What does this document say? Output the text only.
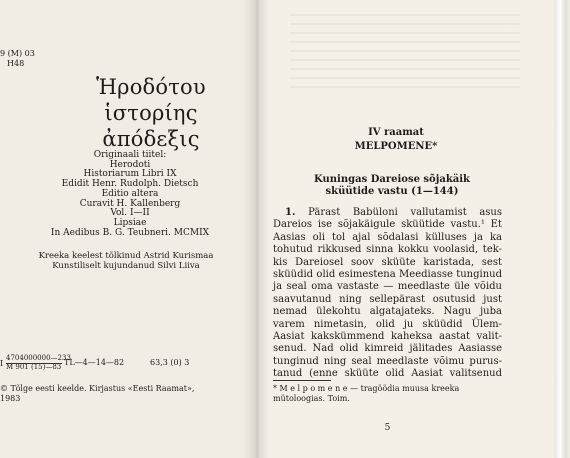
9 (M) 03
H48
Ἡροδότου
ἱστορίης ἀπόδεξις
Originaali tiitel:
Herodoti
Historiarum Libri IX
Edidit Henr. Rudolph. Dietsch
Editio altera
Curavit H. Kallenberg
Vol. I—II
Lipsiae
In Aedibus B. G. Teubneri. MCMIX
Kreeka keelest tõlkinud Astrid Kurismaa
Kunstiliselt kujundanud Silvi Liiva
I
4704000000—233
M 901 (15)—83 TL—4—14—82	63,3 (0) 3
© Tõlge eesti keelde. Kirjastus «Eesti Raamat»,
1983
IV raamat
MELPOMENE*
Kuningas Dareiose sõjakäik
sküütide vastu (1—144)
1. Pärast Babüloni vallutamist asus
Dareios ise sõjakäigule sküütide vastu.¹ Et
Aasias oli tol ajal sõdalasi külluses ja ka
tohutud rikkused sinna kokku voolasid, tek-
kis Dareiosel soov sküüte karistada, sest
sküüdid olid esimestena Meediasse tunginud
ja seal oma vastaste — meedlaste üle võidu
saavutanud ning sellepärast osutusid just
nemad ülekohtu algatajateks. Nagu juba
varem nimetasin, olid ju sküüdid Ülem-
Aasiat kakskümmend kaheksa aastat valit-
senud. Nad olid kimreid jälitades Aasiasse
tunginud ning seal meedlaste võimu purus-
tanud (enne sküüte olid Aasiat valitsenud
* M e l p o m e n e — tragöödia muusa kreeka
mütoloogias. Toim.
5
